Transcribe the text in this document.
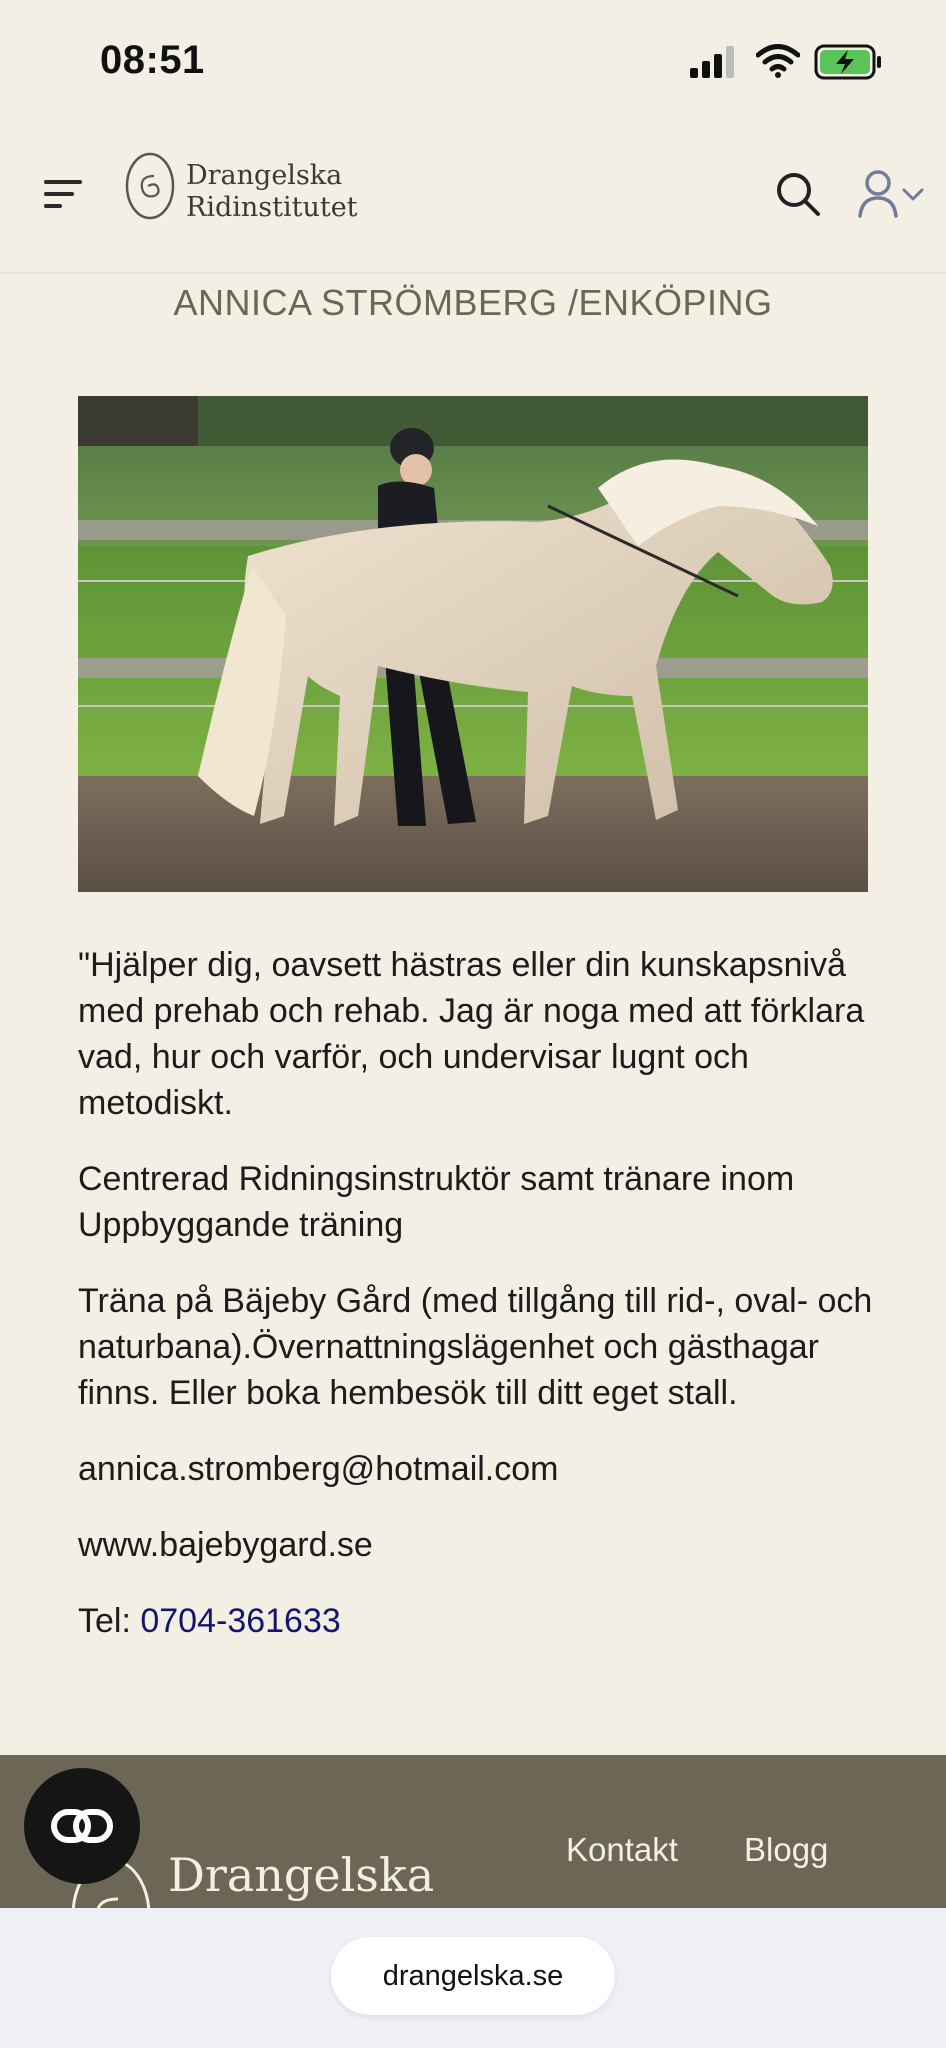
08:51
Drangelska
Ridinstitutet
ANNICA STRÖMBERG /ENKÖPING

"Hjälper dig, oavsett hästras eller din kunskapsnivå med prehab och rehab. Jag är noga med att förklara vad, hur och varför, och undervisar lugnt och metodiskt.

Centrerad Ridningsinstruktör samt tränare inom Uppbyggande träning

Träna på Bäjeby Gård (med tillgång till rid-, oval- och naturbana).Övernattningslägenhet och gästhagar finns. Eller boka hembesök till ditt eget stall.

annica.stromberg@hotmail.com

www.bajebygard.se

Tel: 0704-361633

Drangelska	Kontakt Blogg
drangelska.se
